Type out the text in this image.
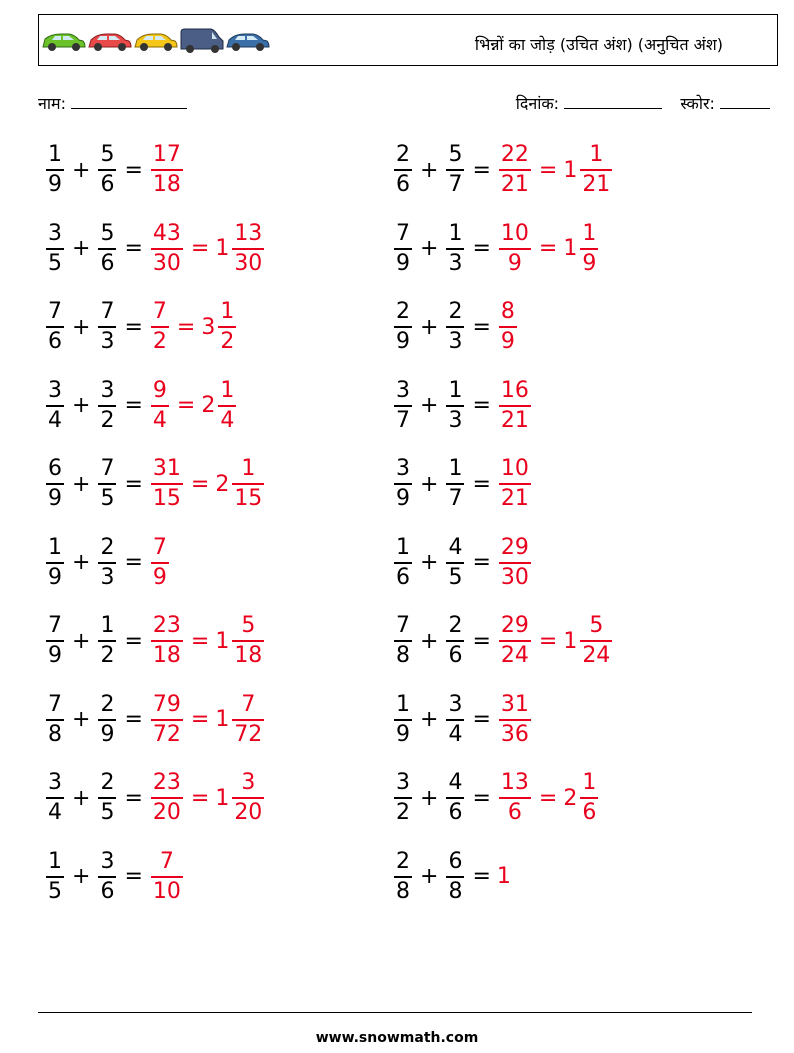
भिन्नों का जोड़ (उचित अंश) (अनुचित अंश)
नाम:	दिनांक:	स्कोर:
$\frac{1}{9} + \frac{5}{6} = \frac{17}{18}$	$\frac{2}{6} + \frac{5}{7} = \frac{22}{21} = 1 \frac{1}{21}$
$\frac{3}{5} + \frac{5}{6} = \frac{43}{30} = 1 \frac{13}{30}$	$\frac{7}{9} + \frac{1}{3} = \frac{10}{9} = 1 \frac{1}{9}$
$\frac{7}{6} + \frac{7}{3} = \frac{7}{2} = 3 \frac{1}{2}$	$\frac{2}{9} + \frac{2}{3} = \frac{8}{9}$
$\frac{3}{4} + \frac{3}{2} = \frac{9}{4} = 2 \frac{1}{4}$	$\frac{3}{7} + \frac{1}{3} = \frac{16}{21}$
$\frac{6}{9} + \frac{7}{5} = \frac{31}{15} = 2 \frac{1}{15}$	$\frac{3}{9} + \frac{1}{7} = \frac{10}{21}$
$\frac{1}{9} + \frac{2}{3} = \frac{7}{9}$	$\frac{1}{6} + \frac{4}{5} = \frac{29}{30}$
$\frac{7}{9} + \frac{1}{2} = \frac{23}{18} = 1 \frac{5}{18}$	$\frac{7}{8} + \frac{2}{6} = \frac{29}{24} = 1 \frac{5}{24}$
$\frac{7}{8} + \frac{2}{9} = \frac{79}{72} = 1 \frac{7}{72}$	$\frac{1}{9} + \frac{3}{4} = \frac{31}{36}$
$\frac{3}{4} + \frac{2}{5} = \frac{23}{20} = 1 \frac{3}{20}$	$\frac{3}{2} + \frac{4}{6} = \frac{13}{6} = 2 \frac{1}{6}$
$\frac{1}{5} + \frac{3}{6} = \frac{7}{10}$	$\frac{2}{8} + \frac{6}{8} = 1$
www.snowmath.com
